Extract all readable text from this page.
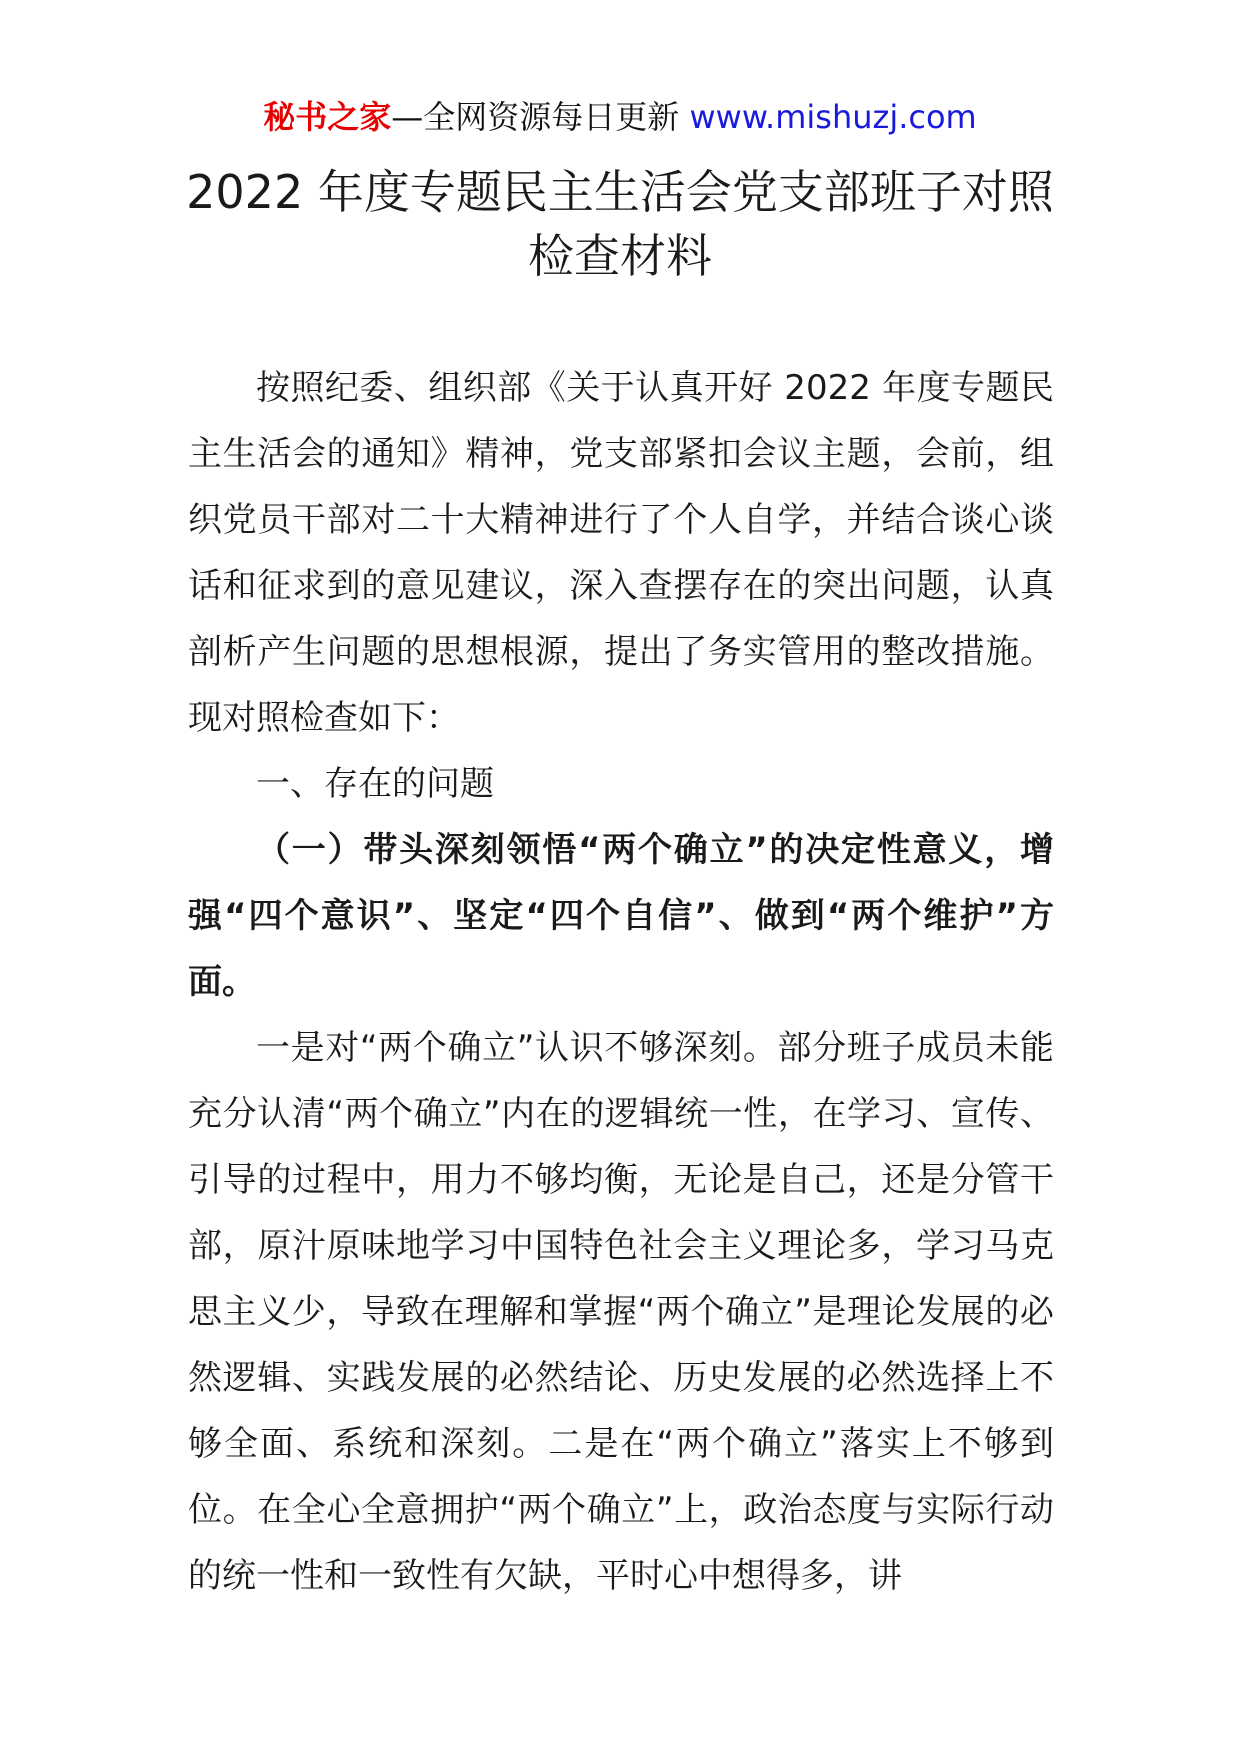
秘书之家—全网资源每日更新 www.mishuzj.com
2022 年度专题民主生活会党支部班子对照
检查材料

按照纪委、组织部《关于认真开好 2022 年度专题民主生活会的通知》精神，党支部紧扣会议主题，会前，组织党员干部对二十大精神进行了个人自学，并结合谈心谈话和征求到的意见建议，深入查摆存在的突出问题，认真剖析产生问题的思想根源，提出了务实管用的整改措施。现对照检查如下：

一、存在的问题

（一）带头深刻领悟“两个确立”的决定性意义，增强“四个意识”、坚定“四个自信”、做到“两个维护”方面。

一是对“两个确立”认识不够深刻。部分班子成员未能充分认清“两个确立”内在的逻辑统一性，在学习、宣传、引导的过程中，用力不够均衡，无论是自己，还是分管干部，原汁原味地学习中国特色社会主义理论多，学习马克思主义少，导致在理解和掌握“两个确立”是理论发展的必然逻辑、实践发展的必然结论、历史发展的必然选择上不够全面、系统和深刻。二是在“两个确立”落实上不够到位。在全心全意拥护“两个确立”上，政治态度与实际行动的统一性和一致性有欠缺，平时心中想得多，讲
